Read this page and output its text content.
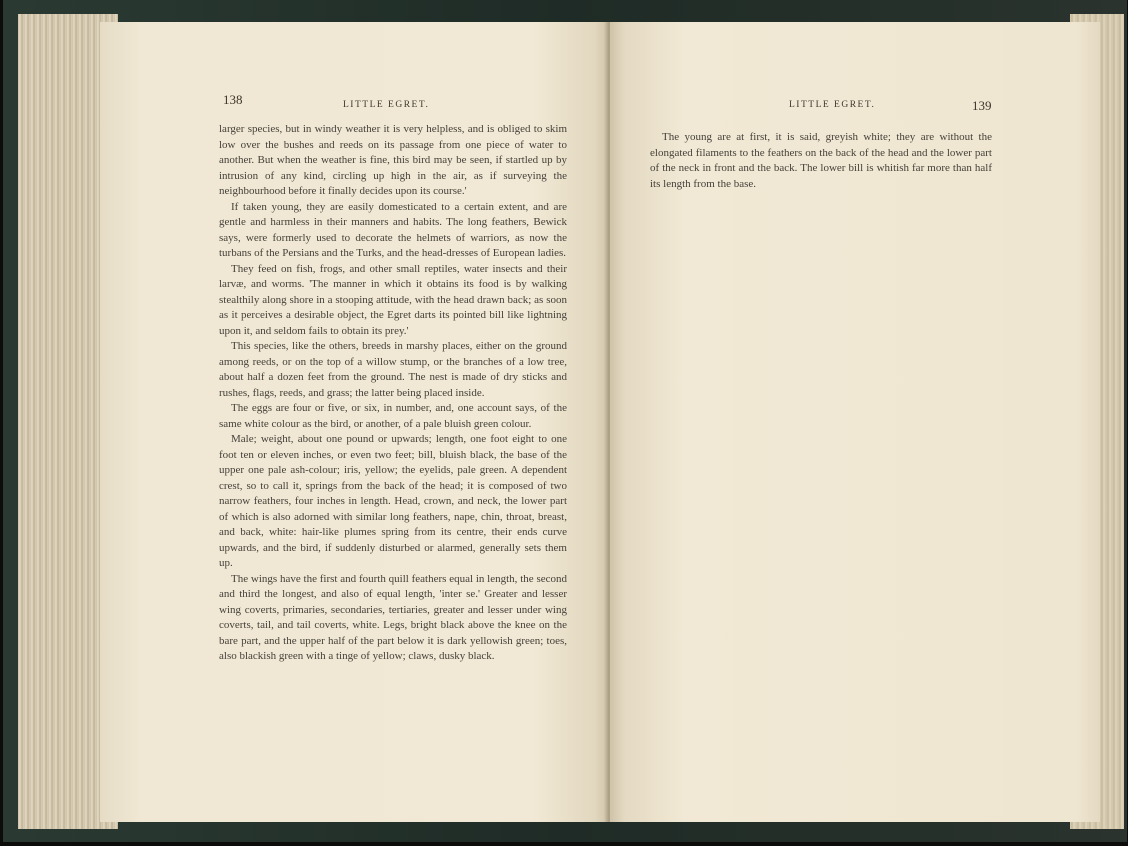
138	LITTLE EGRET.

larger species, but in windy weather it is very helpless, and is obliged to skim low over the bushes and reeds on its passage from one piece of water to another. But when the weather is fine, this bird may be seen, if startled up by intrusion of any kind, circling up high in the air, as if surveying the neighbourhood before it finally decides upon its course.'

If taken young, they are easily domesticated to a certain extent, and are gentle and harmless in their manners and habits. The long feathers, Bewick says, were formerly used to decorate the helmets of warriors, as now the turbans of the Persians and the Turks, and the head-dresses of European ladies.

They feed on fish, frogs, and other small reptiles, water insects and their larvæ, and worms. 'The manner in which it obtains its food is by walking stealthily along shore in a stooping attitude, with the head drawn back; as soon as it perceives a desirable object, the Egret darts its pointed bill like lightning upon it, and seldom fails to obtain its prey.'

This species, like the others, breeds in marshy places, either on the ground among reeds, or on the top of a willow stump, or the branches of a low tree, about half a dozen feet from the ground. The nest is made of dry sticks and rushes, flags, reeds, and grass; the latter being placed inside.

The eggs are four or five, or six, in number, and, one account says, of the same white colour as the bird, or another, of a pale bluish green colour.

Male; weight, about one pound or upwards; length, one foot eight to one foot ten or eleven inches, or even two feet; bill, bluish black, the base of the upper one pale ash-colour; iris, yellow; the eyelids, pale green. A dependent crest, so to call it, springs from the back of the head; it is composed of two narrow feathers, four inches in length. Head, crown, and neck, the lower part of which is also adorned with similar long feathers, nape, chin, throat, breast, and back, white: hair-like plumes spring from its centre, their ends curve upwards, and the bird, if suddenly disturbed or alarmed, generally sets them up.

The wings have the first and fourth quill feathers equal in length, the second and third the longest, and also of equal length, 'inter se.' Greater and lesser wing coverts, primaries, secondaries, tertiaries, greater and lesser under wing coverts, tail, and tail coverts, white. Legs, bright black above the knee on the bare part, and the upper half of the part below it is dark yellowish green; toes, also blackish green with a tinge of yellow; claws, dusky black.

LITTLE EGRET.	139

The young are at first, it is said, greyish white; they are without the elongated filaments to the feathers on the back of the head and the lower part of the neck in front and the back. The lower bill is whitish far more than half its length from the base.
